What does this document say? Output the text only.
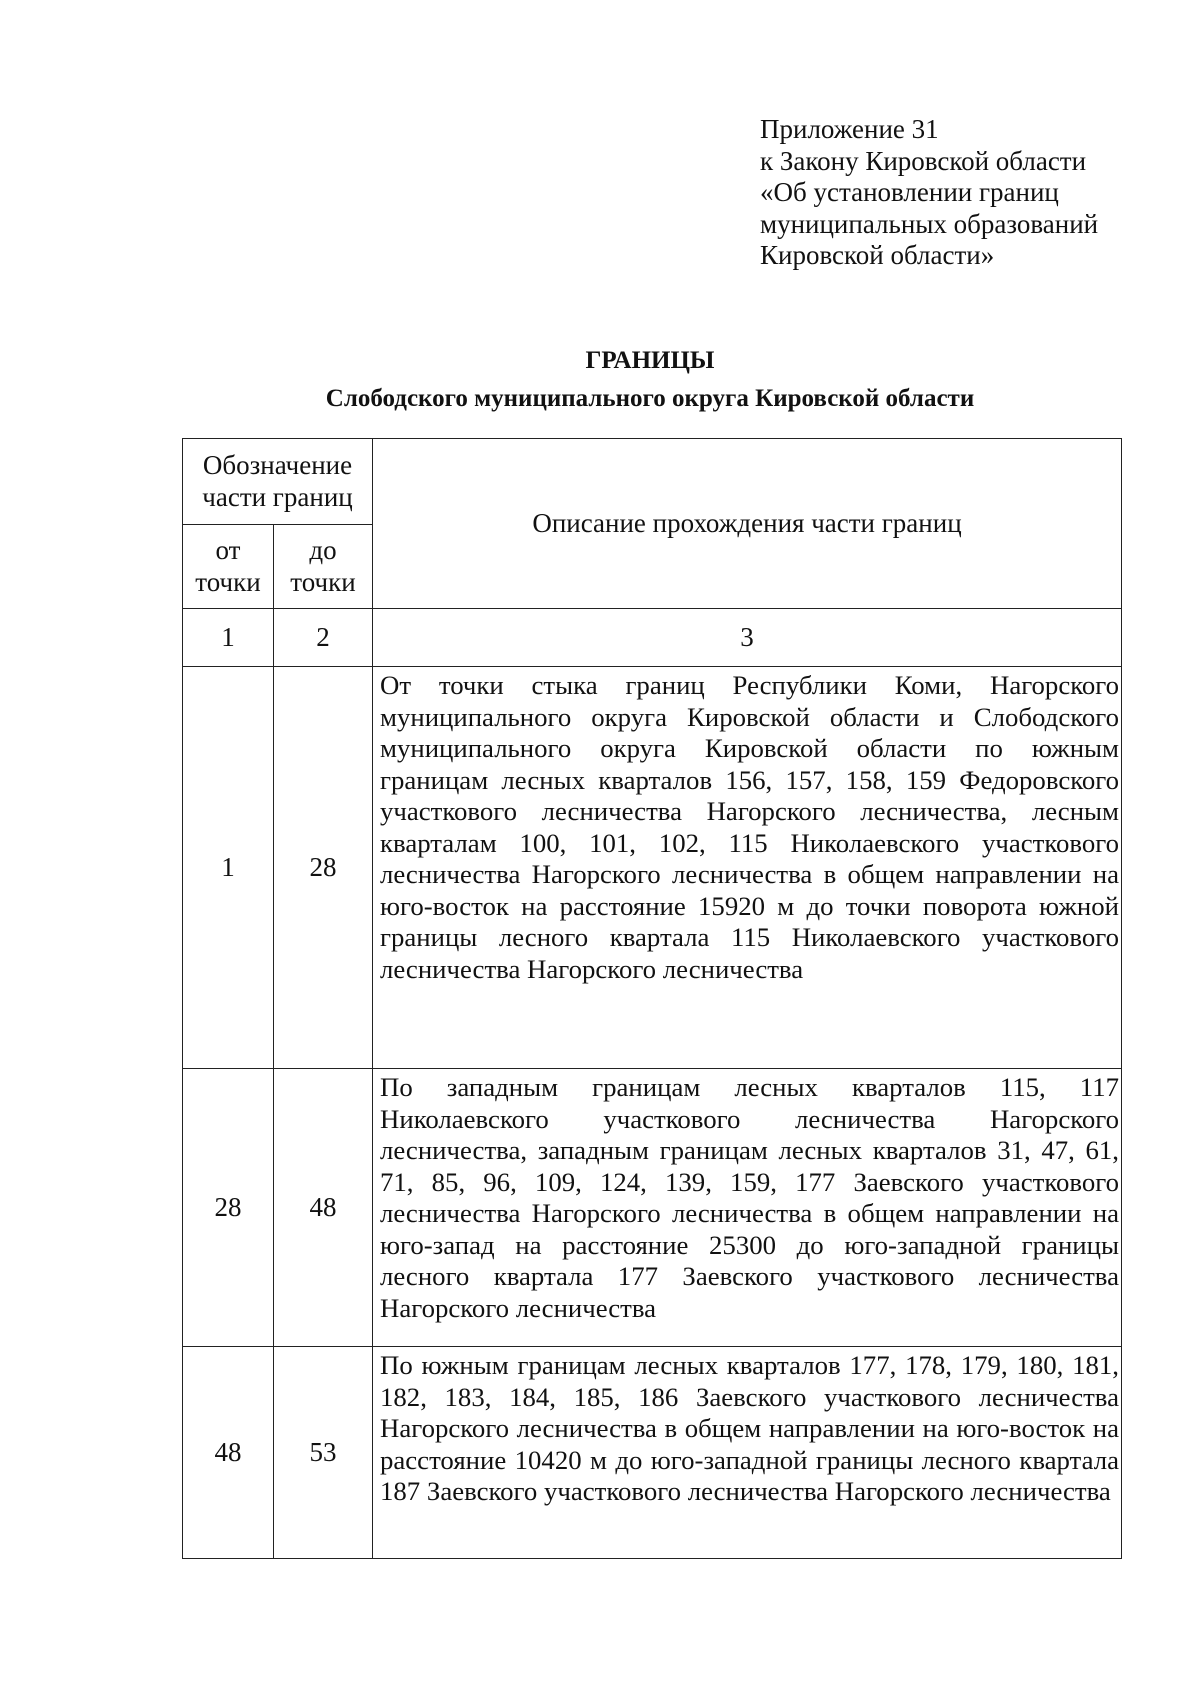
Приложение 31
к Закону Кировской области
«Об установлении границ
муниципальных образований
Кировской области»
ГРАНИЦЫ
Слободского муниципального округа Кировской области
Обозначение части границ		Описание прохождения части границ
от точки	до точки	
1	2	3
1	28	От точки стыка границ Республики Коми, Нагорского муниципального округа Кировской области и Слободского муниципального округа Кировской области по южным границам лесных кварталов 156, 157, 158, 159 Федоровского участкового лесничества Нагорского лесничества, лесным кварталам 100, 101, 102, 115 Николаевского участкового лесничества Нагорского лесничества в общем направлении на юго-восток на расстояние 15920 м до точки поворота южной границы лесного квартала 115 Николаевского участкового лесничества Нагорского лесничества
28	48	По западным границам лесных кварталов 115, 117 Николаевского участкового лесничества Нагорского лесничества, западным границам лесных кварталов 31, 47, 61, 71, 85, 96, 109, 124, 139, 159, 177 Заевского участкового лесничества Нагорского лесничества в общем направлении на юго-запад на расстояние 25300 до юго-западной границы лесного квартала 177 Заевского участкового лесничества Нагорского лесничества
48	53	По южным границам лесных кварталов 177, 178, 179, 180, 181, 182, 183, 184, 185, 186 Заевского участкового лесничества Нагорского лесничества в общем направлении на юго-восток на расстояние 10420 м до юго-западной границы лесного квартала 187 Заевского участкового лесничества Нагорского лесничества
